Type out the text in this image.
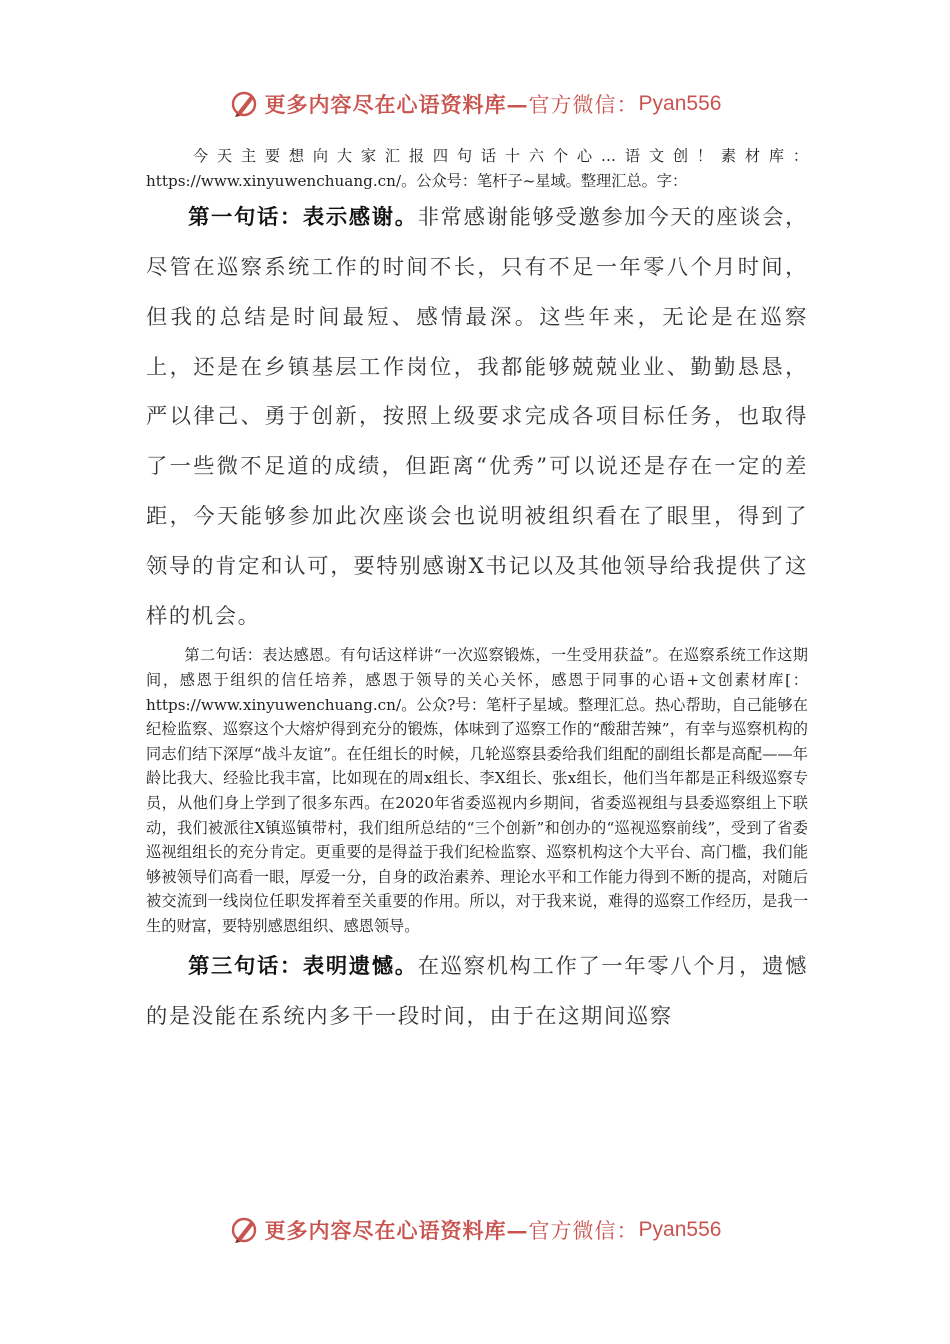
更多内容尽在心语资料库— 官方微信： Pyan556

今天主要想向大家汇报四句话十六个心…语文创！素材库：https://www.xinyuwenchuang.cn/。公众号：笔杆子~星域。整理汇总。字：

第一句话：表示感谢。非常感谢能够受邀参加今天的座谈会，尽管在巡察系统工作的时间不长，只有不足一年零八个月时间，但我的总结是时间最短、感情最深。这些年来，无论是在巡察上，还是在乡镇基层工作岗位，我都能够兢兢业业、勤勤恳恳，严以律己、勇于创新，按照上级要求完成各项目标任务，也取得了一些微不足道的成绩，但距离“优秀”可以说还是存在一定的差距，今天能够参加此次座谈会也说明被组织看在了眼里，得到了领导的肯定和认可，要特别感谢X书记以及其他领导给我提供了这样的机会。

第二句话：表达感恩。有句话这样讲“一次巡察锻炼，一生受用获益”。在巡察系统工作这期间，感恩于组织的信任培养，感恩于领导的关心关怀，感恩于同事的心语+文创素材库[：https://www.xinyuwenchuang.cn/。公众?号：笔杆子星域。整理汇总。热心帮助，自己能够在纪检监察、巡察这个大熔炉得到充分的锻炼，体味到了巡察工作的“酸甜苦辣”，有幸与巡察机构的同志们结下深厚“战斗友谊”。在任组长的时候，几轮巡察县委给我们组配的副组长都是高配——年龄比我大、经验比我丰富，比如现在的周x组长、李X组长、张x组长，他们当年都是正科级巡察专员，从他们身上学到了很多东西。在2020年省委巡视内乡期间，省委巡视组与县委巡察组上下联动，我们被派往X镇巡镇带村，我们组所总结的“三个创新”和创办的“巡视巡察前线”，受到了省委巡视组组长的充分肯定。更重要的是得益于我们纪检监察、巡察机构这个大平台、高门槛，我们能够被领导们高看一眼，厚爱一分，自身的政治素养、理论水平和工作能力得到不断的提高，对随后被交流到一线岗位任职发挥着至关重要的作用。所以，对于我来说，难得的巡察工作经历，是我一生的财富，要特别感恩组织、感恩领导。

第三句话：表明遗憾。在巡察机构工作了一年零八个月，遗憾的是没能在系统内多干一段时间，由于在这期间巡察

更多内容尽在心语资料库— 官方微信： Pyan556
